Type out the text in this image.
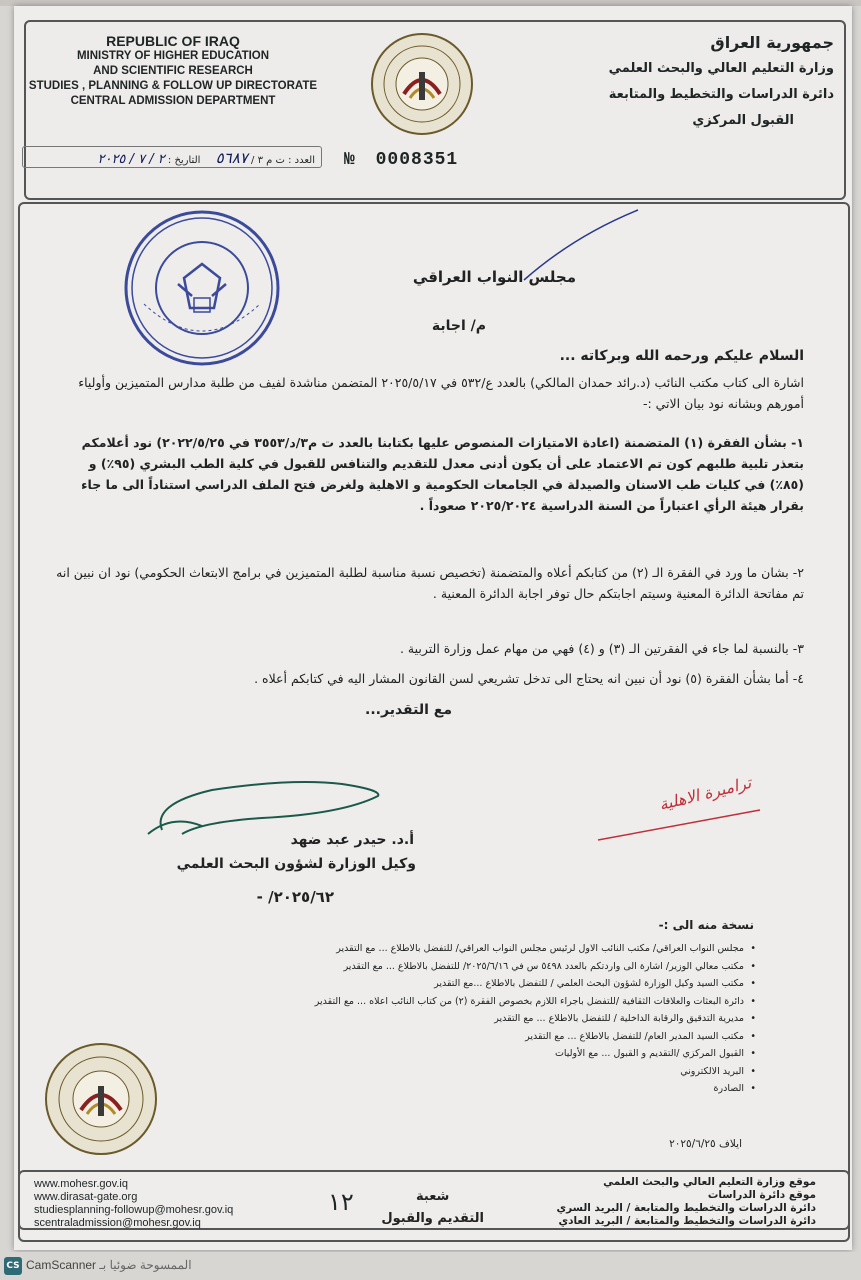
REPUBLIC OF IRAQ
MINISTRY OF HIGHER EDUCATION
AND SCIENTIFIC RESEARCH
STUDIES , PLANNING & FOLLOW UP DIRECTORATE
CENTRAL ADMISSION DEPARTMENT
جمهورية العراق
وزارة التعليم العالي والبحث العلمي
دائرة الدراسات والتخطيط والمتابعة
القبول المركزي
العدد : ت م ٣ / ٥٦٨٧ التاريخ : ٢ / ٧ / ٢٠٢٥	№ 0008351
مجلس النواب العراقي
م/ اجابة
السلام عليكم ورحمه الله وبركاته ...
اشارة الى كتاب مكتب النائب (د.رائد حمدان المالكي) بالعدد ع/٥٣٢ في ٢٠٢٥/٥/١٧ المتضمن مناشدة لفيف من طلبة مدارس المتميزين وأولياء أمورهم وبشانه نود بيان الاتي :-
١- بشأن الفقرة (١) المتضمنة (اعادة الامتيازات المنصوص عليها بكتابنا بالعدد ت م٣/د/٣٥٥٣ في ٢٠٢٢/٥/٢٥) نود أعلامكم بتعذر تلبية طلبهم كون تم الاعتماد على أن يكون أدنى معدل للتقديم والتنافس للقبول في كلية الطب البشري (٩٥٪) و (٨٥٪) في كليات طب الاسنان والصيدلة في الجامعات الحكومية و الاهلية ولغرض فتح الملف الدراسي استناداً الى ما جاء بقرار هيئة الرأي اعتباراً من السنة الدراسية ٢٠٢٥/٢٠٢٤ صعوداً .
٢- بشان ما ورد في الفقرة الـ (٢) من كتابكم أعلاه والمتضمنة (تخصيص نسبة مناسبة لطلبة المتميزين في برامج الابتعاث الحكومي) نود ان نبين انه تم مفاتحة الدائرة المعنية وسيتم اجابتكم حال توفر اجابة الدائرة المعنية .
٣- بالنسبة لما جاء في الفقرتين الـ (٣) و (٤) فهي من مهام عمل وزارة التربية .
٤- أما بشأن الفقرة (٥) نود أن نبين انه يحتاج الى تدخل تشريعي لسن القانون المشار اليه في كتابكم أعلاه .
مع التقدير...
تراميرة الاهلية
أ.د. حيدر عبد ضهد
وكيل الوزارة لشؤون البحث العلمي
٢٠٢٥/٦٢/ -
نسخة منه الى :-
• مجلس النواب العراقي/ مكتب النائب الاول لرئيس مجلس النواب العراقي/ للتفضل بالاطلاع ... مع التقدير
• مكتب معالي الوزير/ اشارة الى واردتكم بالعدد ٥٤٩٨ س في ٢٠٢٥/٦/١٦/ للتفضل بالاطلاع ... مع التقدير
• مكتب السيد وكيل الوزارة لشؤون البحث العلمي / للتفضل بالاطلاع ...مع التقدير
• دائرة البعثات والعلاقات الثقافية /للتفضل باجراء اللازم بخصوص الفقرة (٢) من كتاب النائب اعلاه ... مع التقدير
• مديرية التدقيق والرقابة الداخلية / للتفضل بالاطلاع ... مع التقدير
• مكتب السيد المدير العام/ للتفضل بالاطلاع ... مع التقدير
• القبول المركزي /التقديم و القبول ... مع الأوليات
• البريد الالكتروني
• الصادرة
ايلاف ٢٠٢٥/٦/٢٥
www.mohesr.gov.iq
www.dirasat-gate.org
studiesplanning-followup@mohesr.gov.iq
scentraladmission@mohesr.gov.iq
شعبة
التقديم والقبول
١٢
موقع وزارة التعليم العالي والبحث العلمي
موقع دائرة الدراسات
دائرة الدراسات والتخطيط والمتابعة / البريد السري
دائرة الدراسات والتخطيط والمتابعة / البريد العادي
CS CamScanner الممسوحة ضوئيا بـ
